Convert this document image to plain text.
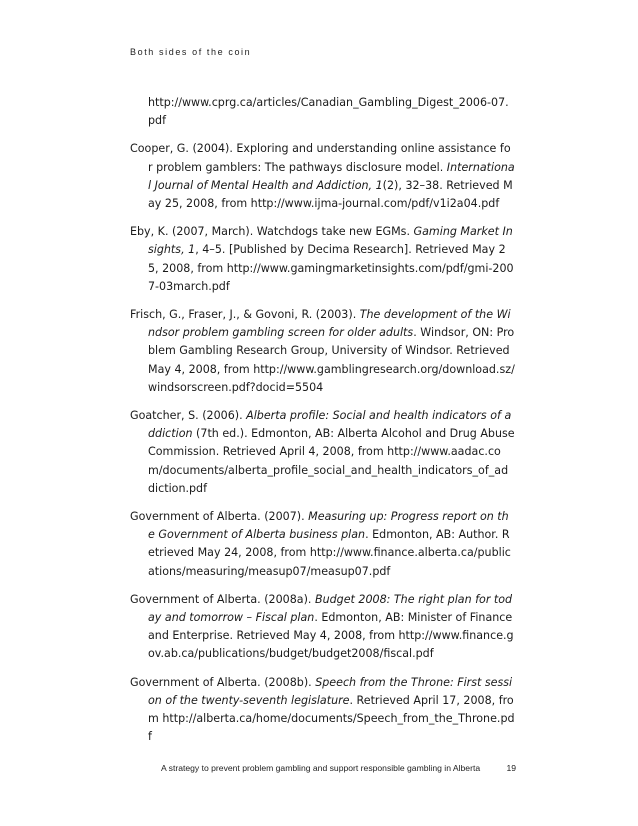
Both sides of the coin
http://www.cprg.ca/articles/Canadian_Gambling_Digest_2006-07.pdf
Cooper, G. (2004). Exploring and understanding online assistance for problem gamblers: The pathways disclosure model. International Journal of Mental Health and Addiction, 1(2), 32–38. Retrieved May 25, 2008, from http://www.ijma-journal.com/pdf/v1i2a04.pdf
Eby, K. (2007, March). Watchdogs take new EGMs. Gaming Market Insights, 1, 4–5. [Published by Decima Research]. Retrieved May 25, 2008, from http://www.gamingmarketinsights.com/pdf/gmi-2007-03march.pdf
Frisch, G., Fraser, J., & Govoni, R. (2003). The development of the Windsor problem gambling screen for older adults. Windsor, ON: Problem Gambling Research Group, University of Windsor. Retrieved May 4, 2008, from http://www.gamblingresearch.org/download.sz/windsorscreen.pdf?docid=5504
Goatcher, S. (2006). Alberta profile: Social and health indicators of addiction (7th ed.). Edmonton, AB: Alberta Alcohol and Drug Abuse Commission. Retrieved April 4, 2008, from http://www.aadac.com/documents/alberta_profile_social_and_health_indicators_of_addiction.pdf
Government of Alberta. (2007). Measuring up: Progress report on the Government of Alberta business plan. Edmonton, AB: Author. Retrieved May 24, 2008, from http://www.finance.alberta.ca/publications/measuring/measup07/measup07.pdf
Government of Alberta. (2008a). Budget 2008: The right plan for today and tomorrow – Fiscal plan. Edmonton, AB: Minister of Finance and Enterprise. Retrieved May 4, 2008, from http://www.finance.gov.ab.ca/publications/budget/budget2008/fiscal.pdf
Government of Alberta. (2008b). Speech from the Throne: First session of the twenty-seventh legislature. Retrieved April 17, 2008, from http://alberta.ca/home/documents/Speech_from_the_Throne.pdf
A strategy to prevent problem gambling and support responsible gambling in Alberta	19
